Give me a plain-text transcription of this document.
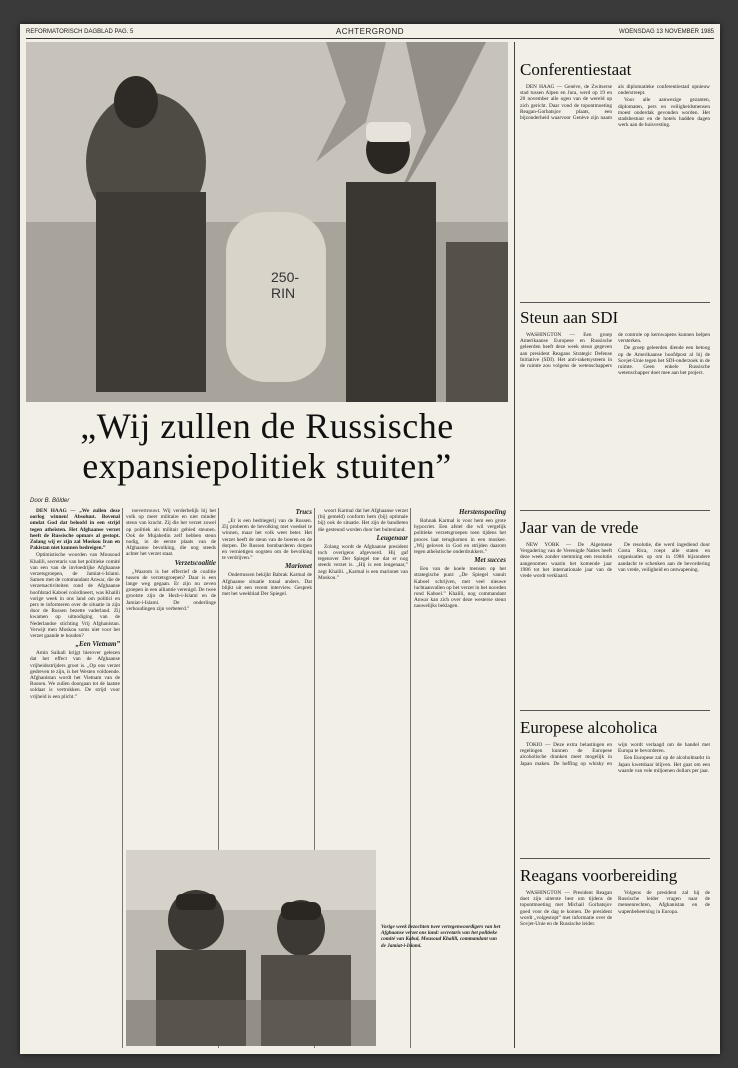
REFORMATORISCH DAGBLAD PAG. 5	ACHTERGROND	WOENSDAG 13 NOVEMBER 1985
250-
RIN
„Wij zullen de Russische
expansiepolitiek stuiten”
Door B. Bölder

DEN HAAG — „We zullen deze oorlog winnen! Absoluut. Bovenal omdat God dat beloofd in een strijd tegen atheïsten. Het Afghaanse verzet heeft de Russische opmars al gestopt. Zolang wij er zijn zal Moskou Iran en Pakistan niet kunnen bedreigen.”

Optimistische woorden van Mousoud Khalili, secretaris van het politieke comité van een van de invloedrijke Afghaanse verzetsgroepen, de Jamiat-i-Islami. Samen met de commandant Anwar, die de verzetsactiviteiten rond de Afghaanse hoofdstad Kaboel coördineert, was Khalili vorige week in ons land om politici en pers te informeren over de situatie in zijn door de Russen bezette vaderland. Zij kwamen op uitnodiging van de Nederlandse stichting Vrij Afghanistan. Verwijt men Moskou soms niet voor het verzet gaande te houden?

„Een Vietnam”

Amin Saikali krijgt hierover gelezen dat het effect van de Afghaanse vrijheidsstrijders groot is. „Op ons verzet gedreven te zijn, is het Westen voldoende. Afghanistan wordt het Vietnam van de Russen. We zullen doorgaan tot de laatste soldaat is vertrokken. De strijd voor vrijheid is een plicht.”

toevertrouwt. Wij verderbelijk bij het volk op meer militaire en niet minder steun van kracht. Zij die het verzet zowel op politiek als militair gebied steunen. Ook de Mujahedin zelf hebben steun nodig, in de eerste plaats van de Afghaanse bevolking, die nog steeds achter het verzet staat.

Verzetscoalitie

„Waarom is het effectief de coalitie tussen de verzetsgroepen? Daar is een lange weg gegaan. Er zijn nu zeven groepen in een alliantie verenigd. De twee grootste zijn de Hezb-i-Islami en de Jamiat-i-Islami. De onderlinge verhoudingen zijn verbeterd.”

Trucs

„Er is een bedriegerij van de Russen. Zij proberen de bevolking met voedsel te winnen, maar het volk weet beter. Het verzet heeft de steun van de boeren en de dorpen. De Russen bombarderen dorpen en vernietigen oogsten om de bevolking te verdrijven.”

Marionet

Ondertussen bekijkt Babrak Karmal de Afghaanse situatie totaal anders. Dat blijkt uit een recent interview. Gesprek met het weekblad Der Spiegel.

woort Karmal dat het Afghaanse verzet (bij gemeld) conform hem (bij) optimale bij) ook de situatie. Het zijn de bandieten die gesteund worden door het buitenland.

Leugenaar

Zolang wordt de Afghaanse president toch overigens afgevoerd. Hij gaf tegenover Der Spiegel toe dat er nog steeds verzet is. „Hij is een leugenaar,” zegt Khalili. „Karmal is een marionet van Moskou.”

Herstenspoeling

Rohnak Karmal is voor hem een grote hypocriet. Een afstel die wil vergelijk politieke verzetsgroepen toen tijdens het proces laat terugkomen in een moskee. „Wij geloven in God en strijden daarom tegen atheïstische onderdrukkers.”

Met succes

Een van de koele mensen op het strategische punt: „De Spiegel vanuit Kaboel schrijven, met veel nieuwe luchtaanvallen op het verzet in het noorden rond Kaboel.” Khalili, nog commandant Anwar kan zich over deze westerse steun nauwelijks beklagen.

Vorige week bezochten twee vertegenwoordigers van het Afghaanse verzet ons land: secretaris van het politieke comité van Kabul, Mousoud Khalili, commandant van de Jamiat-i-Islami.
Conferentiestaat

DEN HAAG — Genève, de Zwitserse stad tussen Alpen en Jura, werd op 19 en 20 november alle ogen van de wereld op zich gericht. Daar vond de topontmoeting Reagan-Gorbatsjov plaats, een bijzonderheid waarvoor Genève zijn naam als diplomatieke conferentiestad opnieuw onderstreept.

Voor alle aanwezige gezanten, diplomaten, pers en veiligheidsmensen moest onderdak gevonden worden. Het stadsbestuur en de hotels hadden dagen werk aan de huisvesting.

Steun aan SDI

WASHINGTON — Een groep Amerikaanse Europese en Russische geleerden heeft deze week steun gegeven aan president Reagans Strategic Defense Initiative (SDI). Het anti-raketsysteem in de ruimte zou volgens de wetenschappers de controle op kernwapens kunnen helpen versterken.

De groep geleerden diende een betoog op de Amerikaanse hoofdpost al bij de Sovjet-Unie tegen het SDI-onderzoek in de ruimte. Geen enkele Russische wetenschapper doet mee aan het project.

Jaar van de vrede

NEW YORK — De Algemene Vergadering van de Verenigde Naties heeft deze week zonder stemming een resolutie aangenomen waarin het komende jaar 1986 tot het internationale jaar van de vrede wordt verklaard.

De resolutie, die werd ingediend door Costa Rica, roept alle staten en organisaties op om in 1986 bijzondere aandacht te schenken aan de bevordering van vrede, veiligheid en ontwapening.

Europese alcoholica

TOKIO — Deze extra belastingen en regelingen kunnen de Europese alcoholische dranken meer mogelijk in Japan maken. De heffing op whisky en wijn wordt verlaagd om de handel met Europa te bevorderen.

Een Europese zal op de alcoholmarkt in Japan kwetsbaar blijven. Het gaat om een waarde van vele miljoenen dollars per jaar.

Reagans voorbereiding

WASHINGTON — President Reagan doet zijn uiterste best om tijdens de topontmoeting met Michail Gorbatsjov goed voor de dag te komen. De president wordt „volgestopt” met informatie over de Sovjet-Unie en de Russische leider.

Volgens de president zal hij de Russische leider vragen naar de mensenrechten, Afghanistan en de wapenbeheersing in Europa.
